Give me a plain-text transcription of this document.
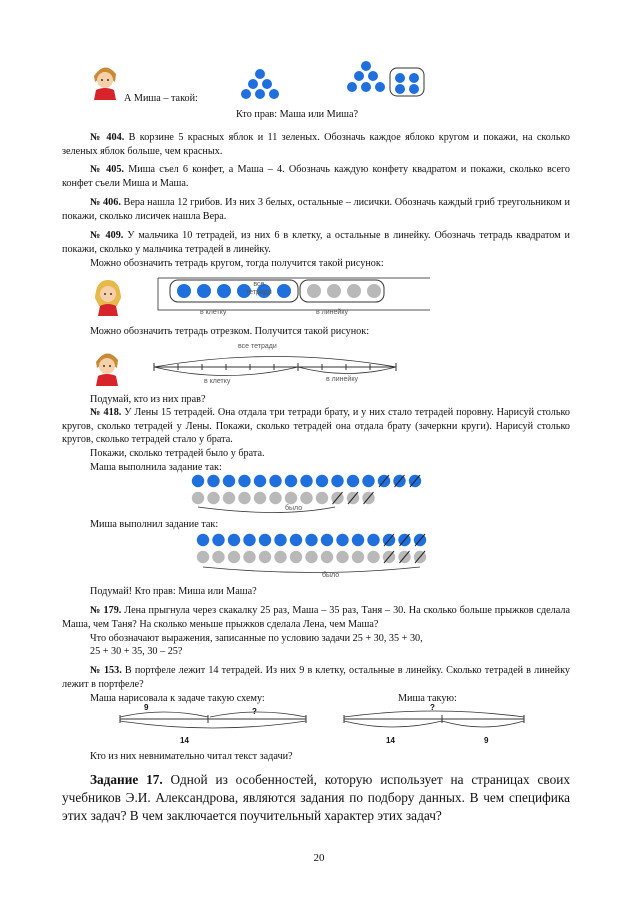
А Миша – такой:
Кто прав: Маша или Миша?
№ 404. В корзине 5 красных яблок и 11 зеленых. Обозначь каждое яблоко кругом и покажи, на сколько зеленых яблок больше, чем красных.
№ 405. Миша съел 6 конфет, а Маша – 4. Обозначь каждую конфету квадратом и покажи, сколько всего конфет съели Миша и Маша.
№ 406. Вера нашла 12 грибов. Из них 3 белых, остальные – лисички. Обозначь каждый гриб треугольником и покажи, сколько лисичек нашла Вера.
№ 409. У мальчика 10 тетрадей, из них 6 в клетку, а остальные в линейку. Обозначь тетрадь квадратом и покажи, сколько у мальчика тетрадей в линейку.
Можно обозначить тетрадь кругом, тогда получится такой рисунок:
все
тетради
в клетку	в линейку
Можно обозначить тетрадь отрезком. Получится такой рисунок:
все тетради
в клетку	в линейку
Подумай, кто из них прав?
№ 418. У Лены 15 тетрадей. Она отдала три тетради брату, и у них стало тетрадей поровну. Нарисуй столько кругов, сколько тетрадей у Лены. Покажи, сколько тетрадей она отдала брату (зачеркни круги). Нарисуй столько кругов, сколько тетрадей стало у брата.
Покажи, сколько тетрадей было у брата.
Маша выполнила задание так:
было
Миша выполнил задание так:
было
Подумай! Кто прав: Миша или Маша?
№ 179. Лена прыгнула через скакалку 25 раз, Маша – 35 раз, Таня – 30. На сколько больше прыжков сделала Маша, чем Таня? На сколько меньше прыжков сделала Лена, чем Маша?
Что обозначают выражения, записанные по условию задачи 25 + 30, 35 + 30,
25 + 30 + 35, 30 – 25?
№ 153. В портфеле лежит 14 тетрадей. Из них 9 в клетку, остальные в линейку. Сколько тетрадей в линейку лежит в портфеле?
Маша нарисовала к задаче такую схему:	Миша такую:
9	?
14
?
14	9
Кто из них невнимательно читал текст задачи?
Задание 17. Одной из особенностей, которую использует на страницах своих учебников Э.И. Александрова, являются задания по подбору данных. В чем специфика этих задач? В чем заключается поучительный характер этих задач?
20
